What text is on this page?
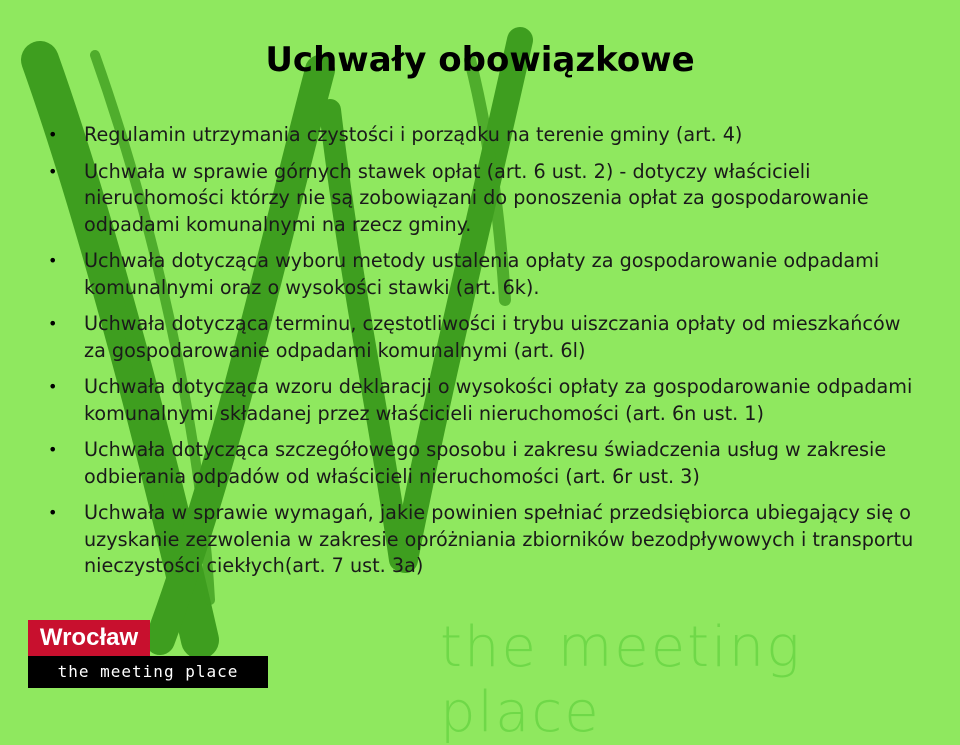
Uchwały obowiązkowe
• Regulamin utrzymania czystości i porządku na terenie gminy (art. 4)
• Uchwała w sprawie górnych stawek opłat (art. 6 ust. 2) - dotyczy właścicieli nieruchomości którzy nie są zobowiązani do ponoszenia opłat za gospodarowanie odpadami komunalnymi na rzecz gminy.
• Uchwała dotycząca wyboru metody ustalenia opłaty za gospodarowanie odpadami komunalnymi oraz o wysokości stawki (art. 6k).
• Uchwała dotycząca terminu, częstotliwości i trybu uiszczania opłaty od mieszkańców za gospodarowanie odpadami komunalnymi (art. 6l)
• Uchwała dotycząca wzoru deklaracji o wysokości opłaty za gospodarowanie odpadami komunalnymi składanej przez właścicieli nieruchomości (art. 6n ust. 1)
• Uchwała dotycząca szczegółowego sposobu i zakresu świadczenia usług w zakresie odbierania odpadów od właścicieli nieruchomości (art. 6r ust. 3)
• Uchwała w sprawie wymagań, jakie powinien spełniać przedsiębiorca ubiegający się o uzyskanie zezwolenia w zakresie opróżniania zbiorników bezodpływowych i transportu nieczystości ciekłych(art. 7 ust. 3a)
Wrocław
the meeting place	the meeting place
